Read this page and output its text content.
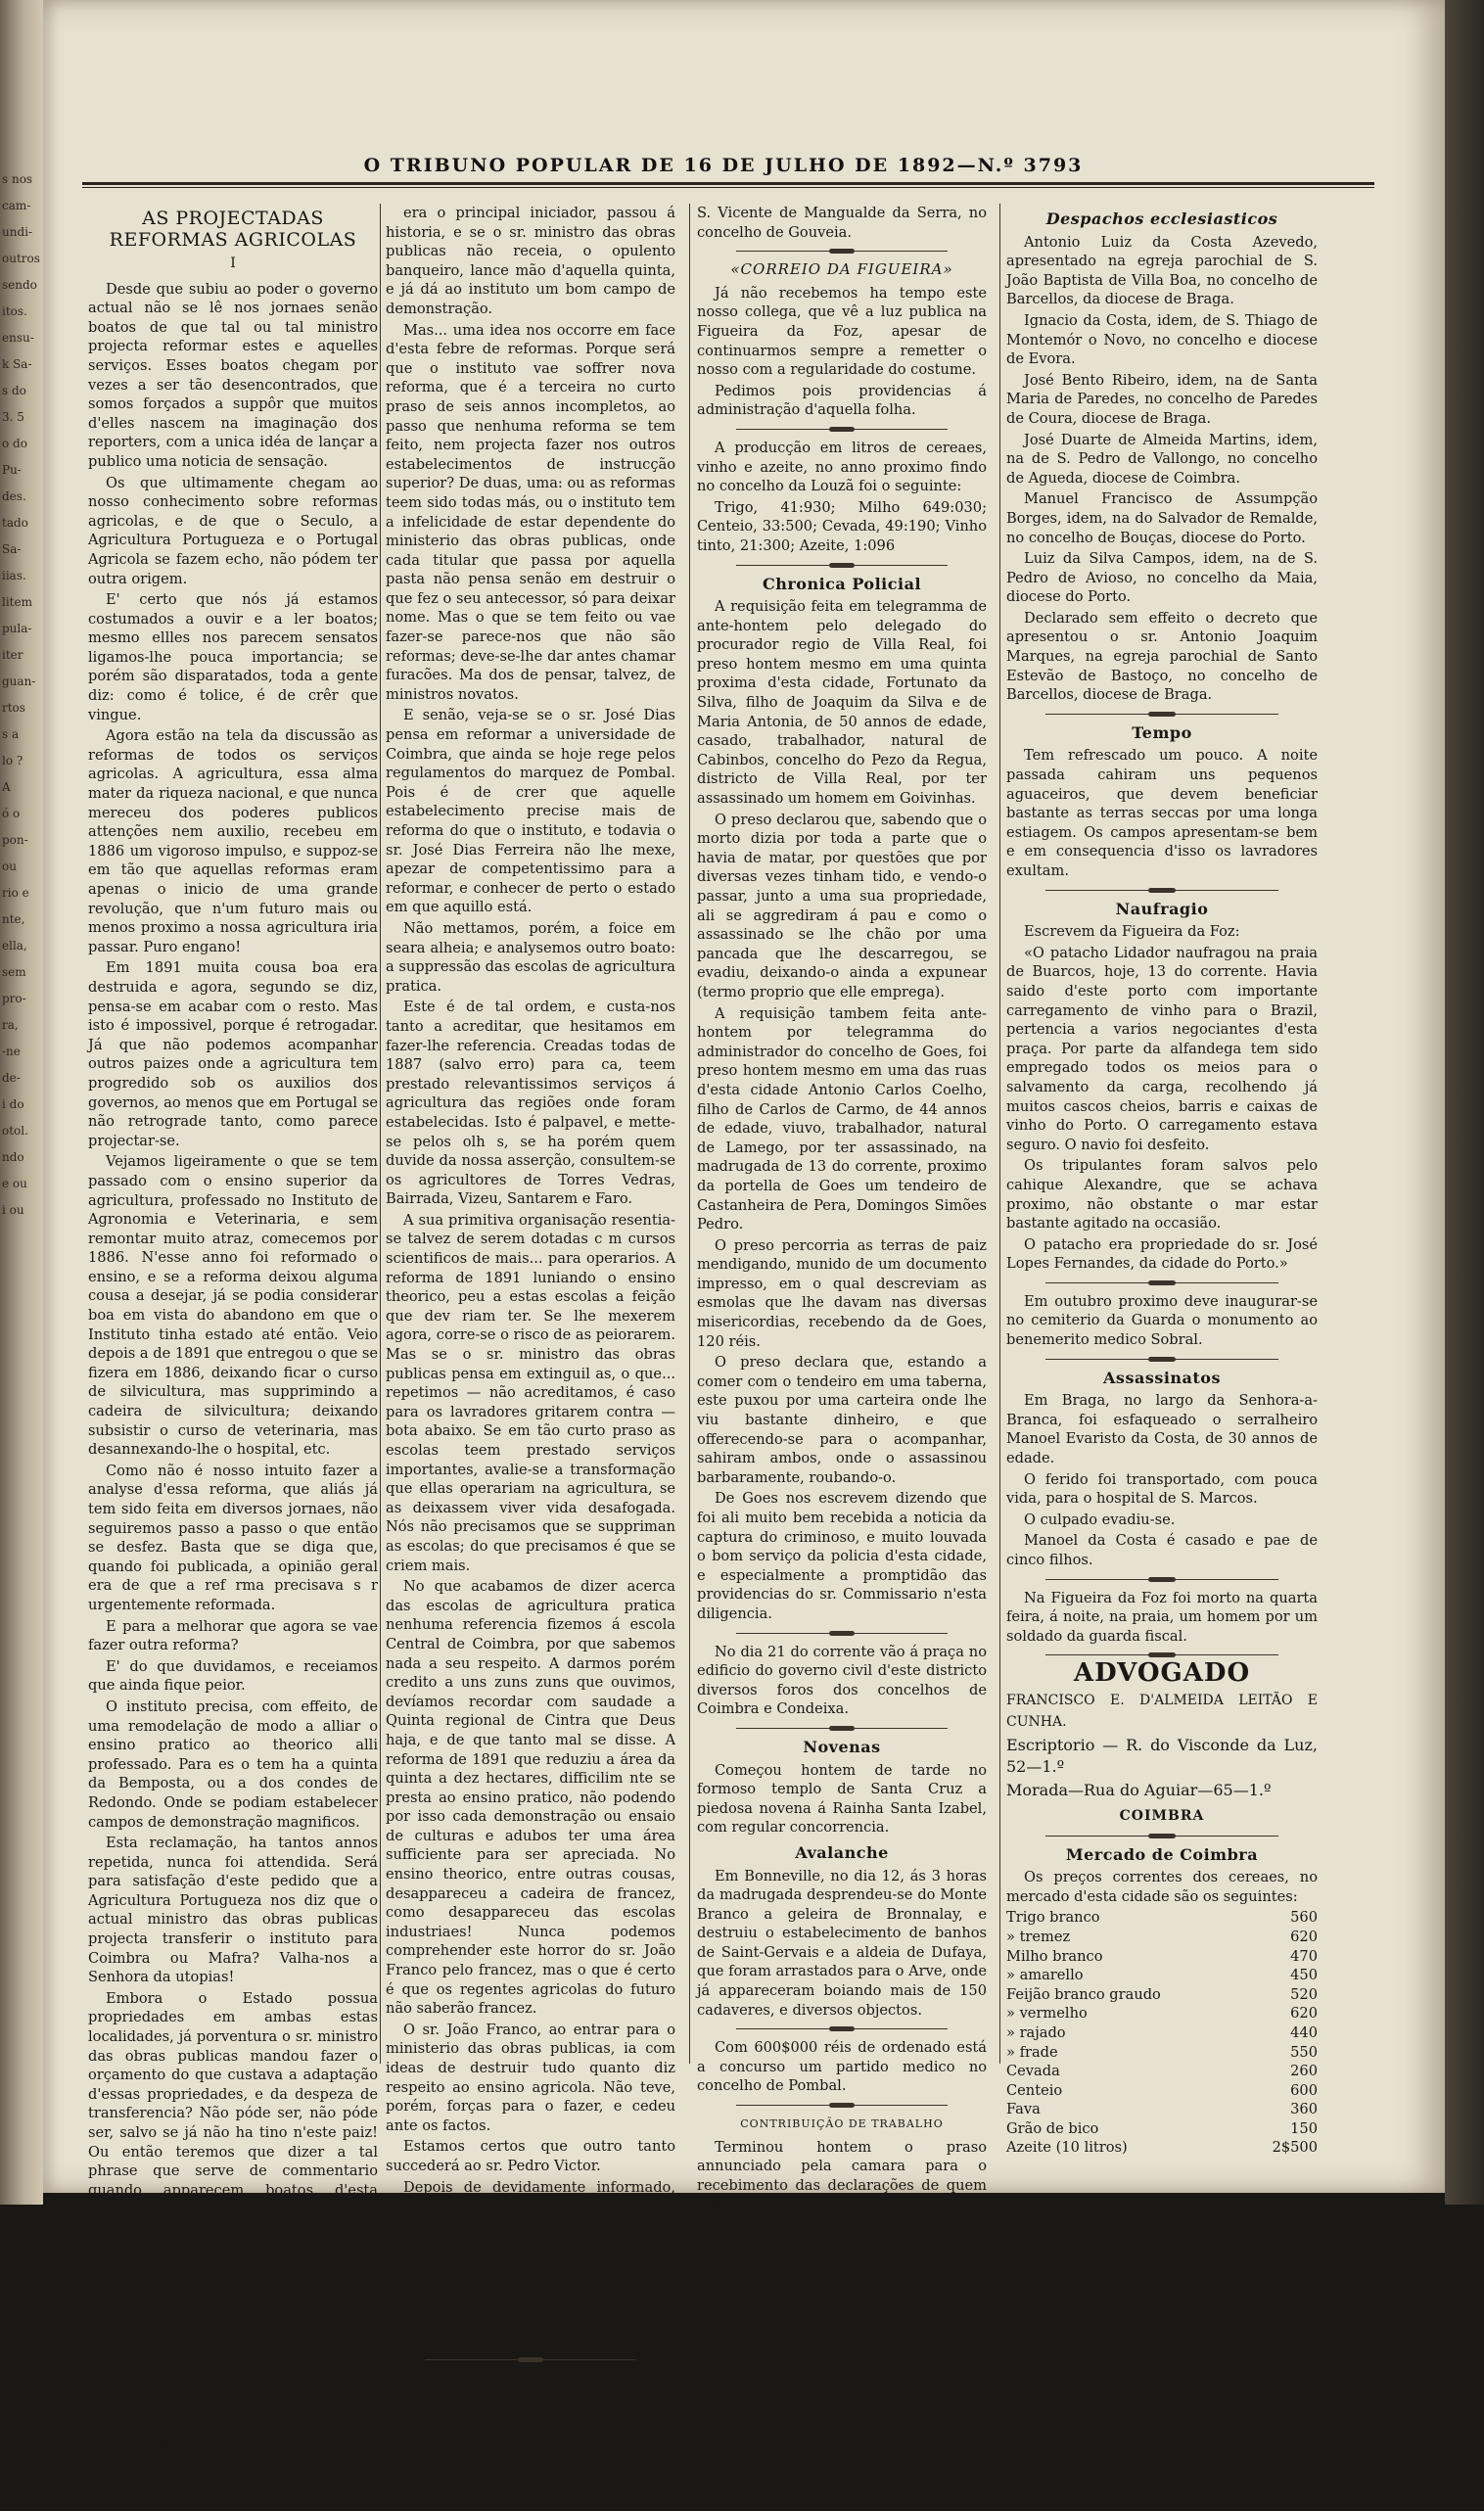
s nos
cam-
undi-
outros
sendo
itos.
ensu-
k Sa-
s do
3. 5
o do
Pu-
des.
tado
Sa-
iias.
litem
pula-
iter
guan-
rtos
s a
lo ?
A
ó o
pon-
ou
rio e
nte,
ella,
sem
pro-
ra,
-ne
de-
i do
otol.
ndo
e ou
i ou
O TRIBUNO POPULAR DE 16 DE JULHO DE 1892—N.º 3793
AS PROJECTADAS REFORMAS AGRICOLAS
I

Desde que subiu ao poder o governo actual não se lê nos jornaes senão boatos de que tal ou tal ministro projecta reformar estes e aquelles serviços. Esses boatos chegam por vezes a ser tão desencontrados, que somos forçados a suppôr que muitos d'elles nascem na imaginação dos reporters, com a unica idéa de lançar a publico uma noticia de sensação.

Os que ultimamente chegam ao nosso conhecimento sobre reformas agricolas, e de que o Seculo, a Agricultura Portugueza e o Portugal Agricola se fazem echo, não pódem ter outra origem.

E' certo que nós já estamos costumados a ouvir e a ler boatos; mesmo ellles nos parecem sensatos ligamos-lhe pouca importancia; se porém são disparatados, toda a gente diz: como é tolice, é de crêr que vingue.

Agora estão na tela da discussão as reformas de todos os serviços agricolas. A agricultura, essa alma mater da riqueza nacional, e que nunca mereceu dos poderes publicos attenções nem auxilio, recebeu em 1886 um vigoroso impulso, e suppoz-se em tão que aquellas reformas eram apenas o inicio de uma grande revolução, que n'um futuro mais ou menos proximo a nossa agricultura iria passar. Puro engano!

Em 1891 muita cousa boa era destruida e agora, segundo se diz, pensa-se em acabar com o resto. Mas isto é impossivel, porque é retrogadar. Já que não podemos acompanhar outros paizes onde a agricultura tem progredido sob os auxilios dos governos, ao menos que em Portugal se não retrograde tanto, como parece projectar-se.

Vejamos ligeiramente o que se tem passado com o ensino superior da agricultura, professado no Instituto de Agronomia e Veterinaria, e sem remontar muito atraz, comecemos por 1886. N'esse anno foi reformado o ensino, e se a reforma deixou alguma cousa a desejar, já se podia considerar boa em vista do abandono em que o Instituto tinha estado até então. Veio depois a de 1891 que entregou o que se fizera em 1886, deixando ficar o curso de silvicultura, mas supprimindo a cadeira de silvicultura; deixando subsistir o curso de veterinaria, mas desannexando-lhe o hospital, etc.

Como não é nosso intuito fazer a analyse d'essa reforma, que aliás já tem sido feita em diversos jornaes, não seguiremos passo a passo o que então se desfez. Basta que se diga que, quando foi publicada, a opinião geral era de que a ref rma precisava s r urgentemente reformada.

E para a melhorar que agora se vae fazer outra reforma?

E' do que duvidamos, e receiamos que ainda fique peior.

O instituto precisa, com effeito, de uma remodelação de modo a alliar o ensino pratico ao theorico alli professado. Para es o tem ha a quinta da Bemposta, ou a dos condes de Redondo. Onde se podiam estabelecer campos de demonstração magnificos.

Esta reclamação, ha tantos annos repetida, nunca foi attendida. Será para satisfação d'este pedido que a Agricultura Portugueza nos diz que o actual ministro das obras publicas projecta transferir o instituto para Coimbra ou Mafra? Valha-nos a Senhora da utopias!

Embora o Estado possua propriedades em ambas estas localidades, já porventura o sr. ministro das obras publicas mandou fazer o orçamento do que custava a adaptação d'essas propriedades, e da despeza de transferencia? Não póde ser, não póde ser, salvo se já não ha tino n'este paiz! Ou então teremos que dizer a tal phrase que serve de commentario quando apparecem boatos d'esta natureza: como é mau, é de crer que vingue!

Pois não é preciso nada d'isto, e so o sr. Burnay désse licença, tudo se conseguiria bem, lançando mão da quinta dos condes de Redondo. O sr. Burnay acha-se ligado a todos os assumptos do nosso paiz, e para nada escapar, até só ao ensino agricola.

Deve estar na mente de todos a esplendorosa inauguração do bairro Camões, e da avenida da India, com brilhante fogo de artificio e marcha aux flambeaux; já lá vão 12 annos e 2 mezes e nunca mais se fallou em tal: o bairro, de que o sr. Burnay

era o principal iniciador, passou á historia, e se o sr. ministro das obras publicas não receia, o opulento banqueiro, lance mão d'aquella quinta, e já dá ao instituto um bom campo de demonstração.

Mas... uma idea nos occorre em face d'esta febre de reformas. Porque será que o instituto vae soffrer nova reforma, que é a terceira no curto praso de seis annos incompletos, ao passo que nenhuma reforma se tem feito, nem projecta fazer nos outros estabelecimentos de instrucção superior? De duas, uma: ou as reformas teem sido todas más, ou o instituto tem a infelicidade de estar dependente do ministerio das obras publicas, onde cada titular que passa por aquella pasta não pensa senão em destruir o que fez o seu antecessor, só para deixar nome. Mas o que se tem feito ou vae fazer-se parece-nos que não são reformas; deve-se-lhe dar antes chamar furacões. Ma dos de pensar, talvez, de ministros novatos.

E senão, veja-se se o sr. José Dias pensa em reformar a universidade de Coimbra, que ainda se hoje rege pelos regulamentos do marquez de Pombal. Pois é de crer que aquelle estabelecimento precise mais de reforma do que o instituto, e todavia o sr. José Dias Ferreira não lhe mexe, apezar de competentissimo para a reformar, e conhecer de perto o estado em que aquillo está.

Não mettamos, porém, a foice em seara alheia; e analysemos outro boato: a suppressão das escolas de agricultura pratica.

Este é de tal ordem, e custa-nos tanto a acreditar, que hesitamos em fazer-lhe referencia. Creadas todas de 1887 (salvo erro) para ca, teem prestado relevantissimos serviços á agricultura das regiões onde foram estabelecidas. Isto é palpavel, e mette-se pelos olh s, se ha porém quem duvide da nossa asserção, consultem-se os agricultores de Torres Vedras, Bairrada, Vizeu, Santarem e Faro.

A sua primitiva organisação resentia-se talvez de serem dotadas c m cursos scientificos de mais... para operarios. A reforma de 1891 luniando o ensino theorico, peu a estas escolas a feição que dev riam ter. Se lhe mexerem agora, corre-se o risco de as peiorarem. Mas se o sr. ministro das obras publicas pensa em extinguil as, o que... repetimos — não acreditamos, é caso para os lavradores gritarem contra — bota abaixo. Se em tão curto praso as escolas teem prestado serviços importantes, avalie-se a transformação que ellas operariam na agricultura, se as deixassem viver vida desafogada. Nós não precisamos que se suppriman as escolas; do que precisamos é que se criem mais.

No que acabamos de dizer acerca das escolas de agricultura pratica nenhuma referencia fizemos á escola Central de Coimbra, por que sabemos nada a seu respeito. A darmos porém credito a uns zuns zuns que ouvimos, devíamos recordar com saudade a Quinta regional de Cintra que Deus haja, e de que tanto mal se disse. A reforma de 1891 que reduziu a área da quinta a dez hectares, difficilim nte se presta ao ensino pratico, não podendo por isso cada demonstração ou ensaio de culturas e adubos ter uma área sufficiente para ser apreciada. No ensino theorico, entre outras cousas, desappareceu a cadeira de francez, como desappareceu das escolas industriaes! Nunca podemos comprehender este horror do sr. João Franco pelo francez, mas o que é certo é que os regentes agricolas do futuro não saberão francez.

O sr. João Franco, ao entrar para o ministerio das obras publicas, ia com ideas de destruir tudo quanto diz respeito ao ensino agricola. Não teve, porém, forças para o fazer, e cedeu ante os factos.

Estamos certos que outro tanto succederá ao sr. Pedro Victor.

Depois de devidamente informado, ha-de reflectir, e não acabará com as escolas agricolas, porque isso é voltar cincoenta annos para traz. Se quer deixar o seu nome ligado a uma reforma, reforme, mas deve ter em vista aperfeiçoar o existente, e nunca destruir o que tão relevantes serviços está prestando á agricultura nacional.

A camara municipal de Lisboa mandou affixar editaes, annunciando que a rua Occidental da Moeda passou a denominar-se rua da Moeda.

Está aberto concurso por provas publicas, para provimento da egreja parochial de

S. Vicente de Mangualde da Serra, no concelho de Gouveia.

«CORREIO DA FIGUEIRA»

Já não recebemos ha tempo este nosso collega, que vê a luz publica na Figueira da Foz, apesar de continuarmos sempre a remetter o nosso com a regularidade do costume.

Pedimos pois providencias á administração d'aquella folha.

A producção em litros de cereaes, vinho e azeite, no anno proximo findo no concelho da Louzã foi o seguinte:

Trigo, 41:930; Milho 649:030; Centeio, 33:500; Cevada, 49:190; Vinho tinto, 21:300; Azeite, 1:096

Chronica Policial

A requisição feita em telegramma de ante-hontem pelo delegado do procurador regio de Villa Real, foi preso hontem mesmo em uma quinta proxima d'esta cidade, Fortunato da Silva, filho de Joaquim da Silva e de Maria Antonia, de 50 annos de edade, casado, trabalhador, natural de Cabinbos, concelho do Pezo da Regua, districto de Villa Real, por ter assassinado um homem em Goivinhas.

O preso declarou que, sabendo que o morto dizia por toda a parte que o havia de matar, por questões que por diversas vezes tinham tido, e vendo-o passar, junto a uma sua propriedade, ali se aggrediram á pau e como o assassinado se lhe chão por uma pancada que lhe descarregou, se evadiu, deixando-o ainda a expunear (termo proprio que elle emprega).

A requisição tambem feita ante-hontem por telegramma do administrador do concelho de Goes, foi preso hontem mesmo em uma das ruas d'esta cidade Antonio Carlos Coelho, filho de Carlos de Carmo, de 44 annos de edade, viuvo, trabalhador, natural de Lamego, por ter assassinado, na madrugada de 13 do corrente, proximo da portella de Goes um tendeiro de Castanheira de Pera, Domingos Simões Pedro.

O preso percorria as terras de paiz mendigando, munido de um documento impresso, em o qual descreviam as esmolas que lhe davam nas diversas misericordias, recebendo da de Goes, 120 réis.

O preso declara que, estando a comer com o tendeiro em uma taberna, este puxou por uma carteira onde lhe viu bastante dinheiro, e que offerecendo-se para o acompanhar, sahiram ambos, onde o assassinou barbaramente, roubando-o.

De Goes nos escrevem dizendo que foi ali muito bem recebida a noticia da captura do criminoso, e muito louvada o bom serviço da policia d'esta cidade, e especialmente a promptidão das providencias do sr. Commissario n'esta diligencia.

No dia 21 do corrente vão á praça no edificio do governo civil d'este districto diversos foros dos concelhos de Coimbra e Condeixa.

Novenas

Começou hontem de tarde no formoso templo de Santa Cruz a piedosa novena á Rainha Santa Izabel, com regular concorrencia.

Avalanche

Em Bonneville, no dia 12, ás 3 horas da madrugada desprendeu-se do Monte Branco a geleira de Bronnalay, e destruiu o estabelecimento de banhos de Saint-Gervais e a aldeia de Dufaya, que foram arrastados para o Arve, onde já appareceram boiando mais de 150 cadaveres, e diversos objectos.

Com 600$000 réis de ordenado está a concurso um partido medico no concelho de Pombal.

CONTRIBUIÇÃO DE TRABALHO

Terminou hontem o praso annunciado pela camara para o recebimento das declarações de quem quizesse prestar em serviço ou remir a dinheiro, a contribuição de trabalho no corrente anno, na forma da lei de 6 de junho de 1864.

Despachos ecclesiasticos

Antonio Luiz da Costa Azevedo, apresentado na egreja parochial de S. João Baptista de Villa Boa, no concelho de Barcellos, da diocese de Braga.

Ignacio da Costa, idem, de S. Thiago de Montemór o Novo, no concelho e diocese de Evora.

José Bento Ribeiro, idem, na de Santa Maria de Paredes, no concelho de Paredes de Coura, diocese de Braga.

José Duarte de Almeida Martins, idem, na de S. Pedro de Vallongo, no concelho de Agueda, diocese de Coimbra.

Manuel Francisco de Assumpção Borges, idem, na do Salvador de Remalde, no concelho de Bouças, diocese do Porto.

Luiz da Silva Campos, idem, na de S. Pedro de Avioso, no concelho da Maia, diocese do Porto.

Declarado sem effeito o decreto que apresentou o sr. Antonio Joaquim Marques, na egreja parochial de Santo Estevão de Bastoço, no concelho de Barcellos, diocese de Braga.

Tempo

Tem refrescado um pouco. A noite passada cahiram uns pequenos aguaceiros, que devem beneficiar bastante as terras seccas por uma longa estiagem. Os campos apresentam-se bem e em consequencia d'isso os lavradores exultam.

Naufragio

Escrevem da Figueira da Foz:

«O patacho Lidador naufragou na praia de Buarcos, hoje, 13 do corrente. Havia saido d'este porto com importante carregamento de vinho para o Brazil, pertencia a varios negociantes d'esta praça. Por parte da alfandega tem sido empregado todos os meios para o salvamento da carga, recolhendo já muitos cascos cheios, barris e caixas de vinho do Porto. O carregamento estava seguro. O navio foi desfeito.

Os tripulantes foram salvos pelo cahique Alexandre, que se achava proximo, não obstante o mar estar bastante agitado na occasião.

O patacho era propriedade do sr. José Lopes Fernandes, da cidade do Porto.»

Em outubro proximo deve inaugurar-se no cemiterio da Guarda o monumento ao benemerito medico Sobral.

Assassinatos

Em Braga, no largo da Senhora-a-Branca, foi esfaqueado o serralheiro Manoel Evaristo da Costa, de 30 annos de edade.

O ferido foi transportado, com pouca vida, para o hospital de S. Marcos.

O culpado evadiu-se.

Manoel da Costa é casado e pae de cinco filhos.

Na Figueira da Foz foi morto na quarta feira, á noite, na praia, um homem por um soldado da guarda fiscal.

ADVOGADO

FRANCISCO E. D'ALMEIDA LEITÃO E CUNHA.

Escriptorio — R. do Visconde da Luz, 52—1.º

Morada—Rua do Aguiar—65—1.º

COIMBRA
Mercado de Coimbra

Os preços correntes dos cereaes, no mercado d'esta cidade são os seguintes:

Trigo branco	560
» tremez	620
Milho branco	470
» amarello	450
Feijão branco graudo	520
» vermelho	620
» rajado	440
» frade	550
Cevada	260
Centeio	600
Fava	360
Grão de bico	150
Azeite (10 litros)	2$500
